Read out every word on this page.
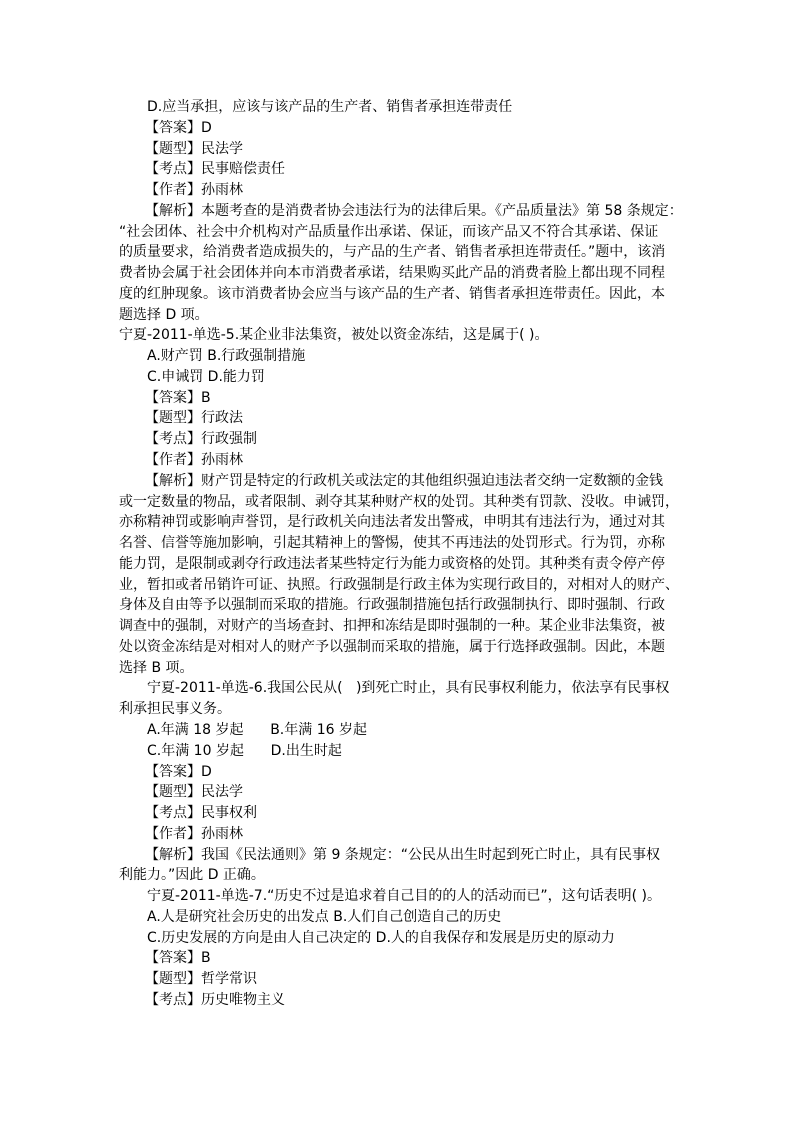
D.应当承担，应该与该产品的生产者、销售者承担连带责任
【答案】D
【题型】民法学
【考点】民事赔偿责任
【作者】孙雨林
【解析】本题考查的是消费者协会违法行为的法律后果。《产品质量法》第 58 条规定：
“社会团体、社会中介机构对产品质量作出承诺、保证，而该产品又不符合其承诺、保证
的质量要求，给消费者造成损失的，与产品的生产者、销售者承担连带责任。”题中，该消
费者协会属于社会团体并向本市消费者承诺，结果购买此产品的消费者脸上都出现不同程
度的红肿现象。该市消费者协会应当与该产品的生产者、销售者承担连带责任。因此，本
题选择 D 项。
宁夏-2011-单选-5.某企业非法集资，被处以资金冻结，这是属于( )。
A.财产罚 B.行政强制措施
C.申诫罚 D.能力罚
【答案】B
【题型】行政法
【考点】行政强制
【作者】孙雨林
【解析】财产罚是特定的行政机关或法定的其他组织强迫违法者交纳一定数额的金钱
或一定数量的物品，或者限制、剥夺其某种财产权的处罚。其种类有罚款、没收。申诫罚，
亦称精神罚或影响声誉罚，是行政机关向违法者发出警戒，申明其有违法行为，通过对其
名誉、信誉等施加影响，引起其精神上的警惕，使其不再违法的处罚形式。行为罚，亦称
能力罚，是限制或剥夺行政违法者某些特定行为能力或资格的处罚。其种类有责令停产停
业，暂扣或者吊销许可证、执照。行政强制是行政主体为实现行政目的，对相对人的财产、
身体及自由等予以强制而采取的措施。行政强制措施包括行政强制执行、即时强制、行政
调查中的强制，对财产的当场查封、扣押和冻结是即时强制的一种。某企业非法集资，被
处以资金冻结是对相对人的财产予以强制而采取的措施，属于行选择政强制。因此，本题
选择 B 项。
宁夏-2011-单选-6.我国公民从(   )到死亡时止，具有民事权利能力，依法享有民事权
利承担民事义务。
A.年满 18 岁起      B.年满 16 岁起
C.年满 10 岁起      D.出生时起
【答案】D
【题型】民法学
【考点】民事权利
【作者】孙雨林
【解析】我国《民法通则》第 9 条规定：“公民从出生时起到死亡时止，具有民事权
利能力。”因此 D 正确。
宁夏-2011-单选-7.“历史不过是追求着自己目的的人的活动而已”，这句话表明( )。
A.人是研究社会历史的出发点 B.人们自己创造自己的历史
C.历史发展的方向是由人自己决定的 D.人的自我保存和发展是历史的原动力
【答案】B
【题型】哲学常识
【考点】历史唯物主义
